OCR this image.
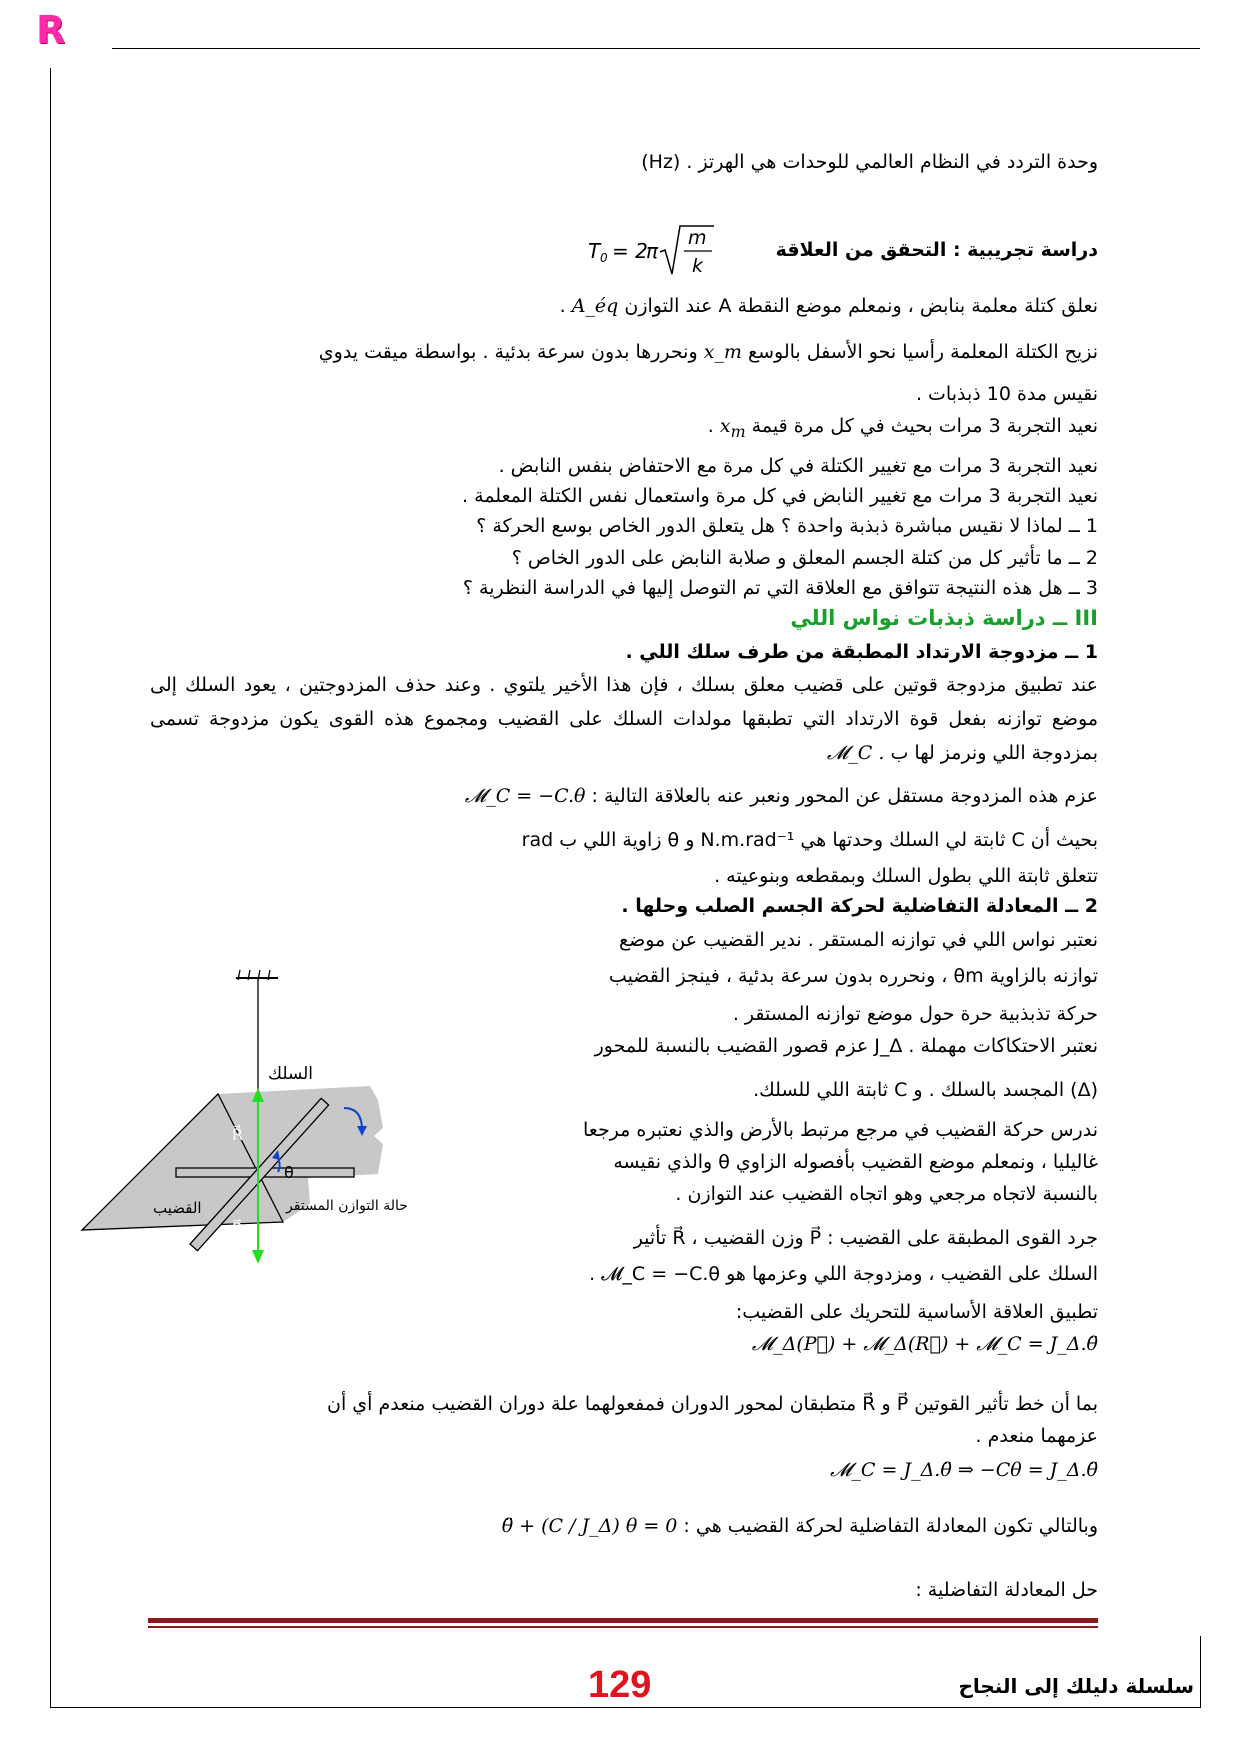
R
وحدة التردد في النظام العالمي للوحدات هي الهرتز . (Hz)
دراسة تجريبية : التحقق من العلاقة
T 0 = 2
π
m
k
نعلق كتلة معلمة بنابض ، ونمعلم موضع النقطة A عند التوازن A_éq .
نزيح الكتلة المعلمة رأسيا نحو الأسفل بالوسع x_m ونحررها بدون سرعة بدئية . بواسطة ميقت يدوي
نقيس مدة 10 ذبذبات .
نعيد التجربة 3 مرات بحيث في كل مرة قيمة $x_m$ .
نعيد التجربة 3 مرات مع تغيير الكتلة في كل مرة مع الاحتفاض بنفس النابض .
نعيد التجربة 3 مرات مع تغيير النابض في كل مرة واستعمال نفس الكتلة المعلمة .
1 ــ لماذا لا نقيس مباشرة ذبذبة واحدة ؟ هل يتعلق الدور الخاص بوسع الحركة ؟
2 ــ ما تأثير كل من كتلة الجسم المعلق و صلابة النابض على الدور الخاص ؟
3 ــ هل هذه النتيجة تتوافق مع العلاقة التي تم التوصل إليها في الدراسة النظرية ؟
III ــ دراسة ذبذبات نواس اللي
1 ــ مزدوجة الارتداد المطبقة من طرف سلك اللي .
عند تطبيق مزدوجة قوتين على قضيب معلق بسلك ، فإن هذا الأخير يلتوي . وعند حذف المزدوجتين ، يعود السلك إلى موضع توازنه بفعل قوة الارتداد التي تطبقها مولدات السلك على القضيب ومجموع هذه القوى يكون مزدوجة تسمى بمزدوجة اللي ونرمز لها ب 𝓜_C .
عزم هذه المزدوجة مستقل عن المحور ونعبر عنه بالعلاقة التالية : 𝓜_C = −C.θ
بحيث أن C ثابتة لي السلك وحدتها هي N.m.rad⁻¹ و θ زاوية اللي ب rad
تتعلق ثابتة اللي بطول السلك وبمقطعه وبنوعيته .
2 ــ المعادلة التفاضلية لحركة الجسم الصلب وحلها .
نعتبر نواس اللي في توازنه المستقر . ندير القضيب عن موضع
توازنه بالزاوية θm ، ونحرره بدون سرعة بدئية ، فينجز القضيب
حركة تذبذبية حرة حول موضع توازنه المستقر .
نعتبر الاحتكاكات مهملة . J_Δ عزم قصور القضيب بالنسبة للمحور
(Δ) المجسد بالسلك . و C ثابتة اللي للسلك.
ندرس حركة القضيب في مرجع مرتبط بالأرض والذي نعتبره مرجعا
غاليليا ، ونمعلم موضع القضيب بأفصوله الزاوي θ والذي نقيسه
بالنسبة لاتجاه مرجعي وهو اتجاه القضيب عند التوازن .
جرد القوى المطبقة على القضيب : P⃗ وزن القضيب ، R⃗ تأثير
السلك على القضيب ، ومزدوجة اللي وعزمها هو 𝓜_C = −C.θ .
تطبيق العلاقة الأساسية للتحريك على القضيب:
𝓜_Δ(P⃗) + 𝓜_Δ(R⃗) + 𝓜_C = J_Δ.θ̈
بما أن خط تأثير القوتين P⃗ و R⃗ متطبقان لمحور الدوران فمفعولهما علة دوران القضيب منعدم أي أن
عزمهما منعدم .
𝓜_C = J_Δ.θ̈ ⇒ −Cθ = J_Δ.θ̈
وبالتالي تكون المعادلة التفاضلية لحركة القضيب هي : θ̈ + (C / J_Δ) θ = 0
حل المعادلة التفاضلية :
السلك
R⃗
P⃗
θ
القضيب	حالة التوازن المستقر
129	سلسلة دليلك إلى النجاح
